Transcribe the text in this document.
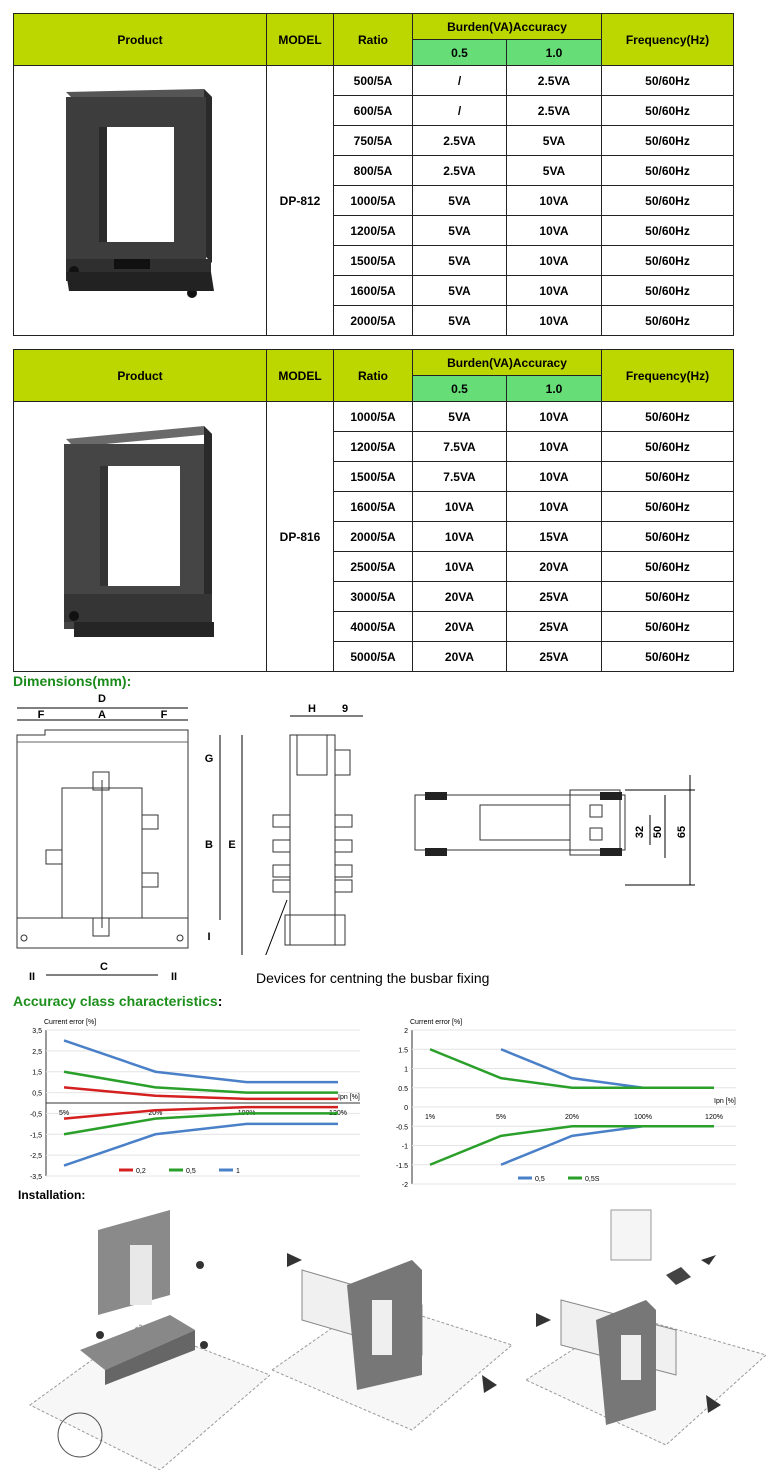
Product	MODEL	Ratio	Burden(VA)Accuracy		Frequency(Hz)
			0.5	1.0	
	DP-812	500/5A	/	2.5VA	50/60Hz
		600/5A	/	2.5VA	50/60Hz
		750/5A	2.5VA	5VA	50/60Hz
		800/5A	2.5VA	5VA	50/60Hz
		1000/5A	5VA	10VA	50/60Hz
		1200/5A	5VA	10VA	50/60Hz
		1500/5A	5VA	10VA	50/60Hz
		1600/5A	5VA	10VA	50/60Hz
		2000/5A	5VA	10VA	50/60Hz
Product	MODEL	Ratio	Burden(VA)Accuracy		Frequency(Hz)
			0.5	1.0	
	DP-816	1000/5A	5VA	10VA	50/60Hz
		1200/5A	7.5VA	10VA	50/60Hz
		1500/5A	7.5VA	10VA	50/60Hz
		1600/5A	10VA	10VA	50/60Hz
		2000/5A	10VA	15VA	50/60Hz
		2500/5A	10VA	20VA	50/60Hz
		3000/5A	20VA	25VA	50/60Hz
		4000/5A	20VA	25VA	50/60Hz
		5000/5A	20VA	25VA	50/60Hz
Dimensions(mm):
D
F	A	F
G
B E
I
C
II	II
H 9
Devices for centning the busbar fixing
32 50 65
Accuracy class characteristics:
3,5
2,5
1,5
0,5
-0,5
-1,5
-2,5
-3,5
Current error [%]
Ipn [%]
5%	20%	100%	120%
0,2	0,5	1
2
1.5
1
0.5
0
-0.5
-1
-1.5
-2
Current error [%]
Ipn [%]
1%	5%	20%	100%	120%
0,5	0,5S
Installation:
